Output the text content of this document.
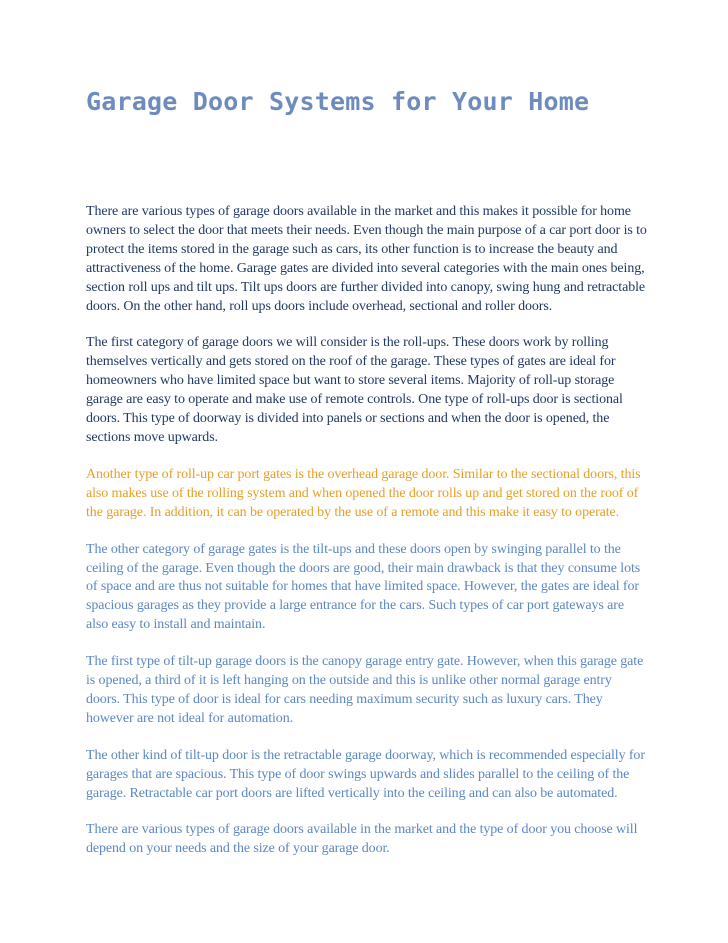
Garage Door Systems for Your Home

There are various types of garage doors available in the market and this makes it possible for home owners to select the door that meets their needs. Even though the main purpose of a car port door is to protect the items stored in the garage such as cars, its other function is to increase the beauty and attractiveness of the home. Garage gates are divided into several categories with the main ones being, section roll ups and tilt ups. Tilt ups doors are further divided into canopy, swing hung and retractable doors. On the other hand, roll ups doors include overhead, sectional and roller doors.

The first category of garage doors we will consider is the roll-ups. These doors work by rolling themselves vertically and gets stored on the roof of the garage. These types of gates are ideal for homeowners who have limited space but want to store several items. Majority of roll-up storage garage are easy to operate and make use of remote controls. One type of roll-ups door is sectional doors. This type of doorway is divided into panels or sections and when the door is opened, the sections move upwards.

Another type of roll-up car port gates is the overhead garage door. Similar to the sectional doors, this also makes use of the rolling system and when opened the door rolls up and get stored on the roof of the garage. In addition, it can be operated by the use of a remote and this make it easy to operate.

The other category of garage gates is the tilt-ups and these doors open by swinging parallel to the ceiling of the garage. Even though the doors are good, their main drawback is that they consume lots of space and are thus not suitable for homes that have limited space. However, the gates are ideal for spacious garages as they provide a large entrance for the cars. Such types of car port gateways are also easy to install and maintain.

The first type of tilt-up garage doors is the canopy garage entry gate. However, when this garage gate is opened, a third of it is left hanging on the outside and this is unlike other normal garage entry doors. This type of door is ideal for cars needing maximum security such as luxury cars. They however are not ideal for automation.

The other kind of tilt-up door is the retractable garage doorway, which is recommended especially for garages that are spacious. This type of door swings upwards and slides parallel to the ceiling of the garage. Retractable car port doors are lifted vertically into the ceiling and can also be automated.

There are various types of garage doors available in the market and the type of door you choose will depend on your needs and the size of your garage door.
